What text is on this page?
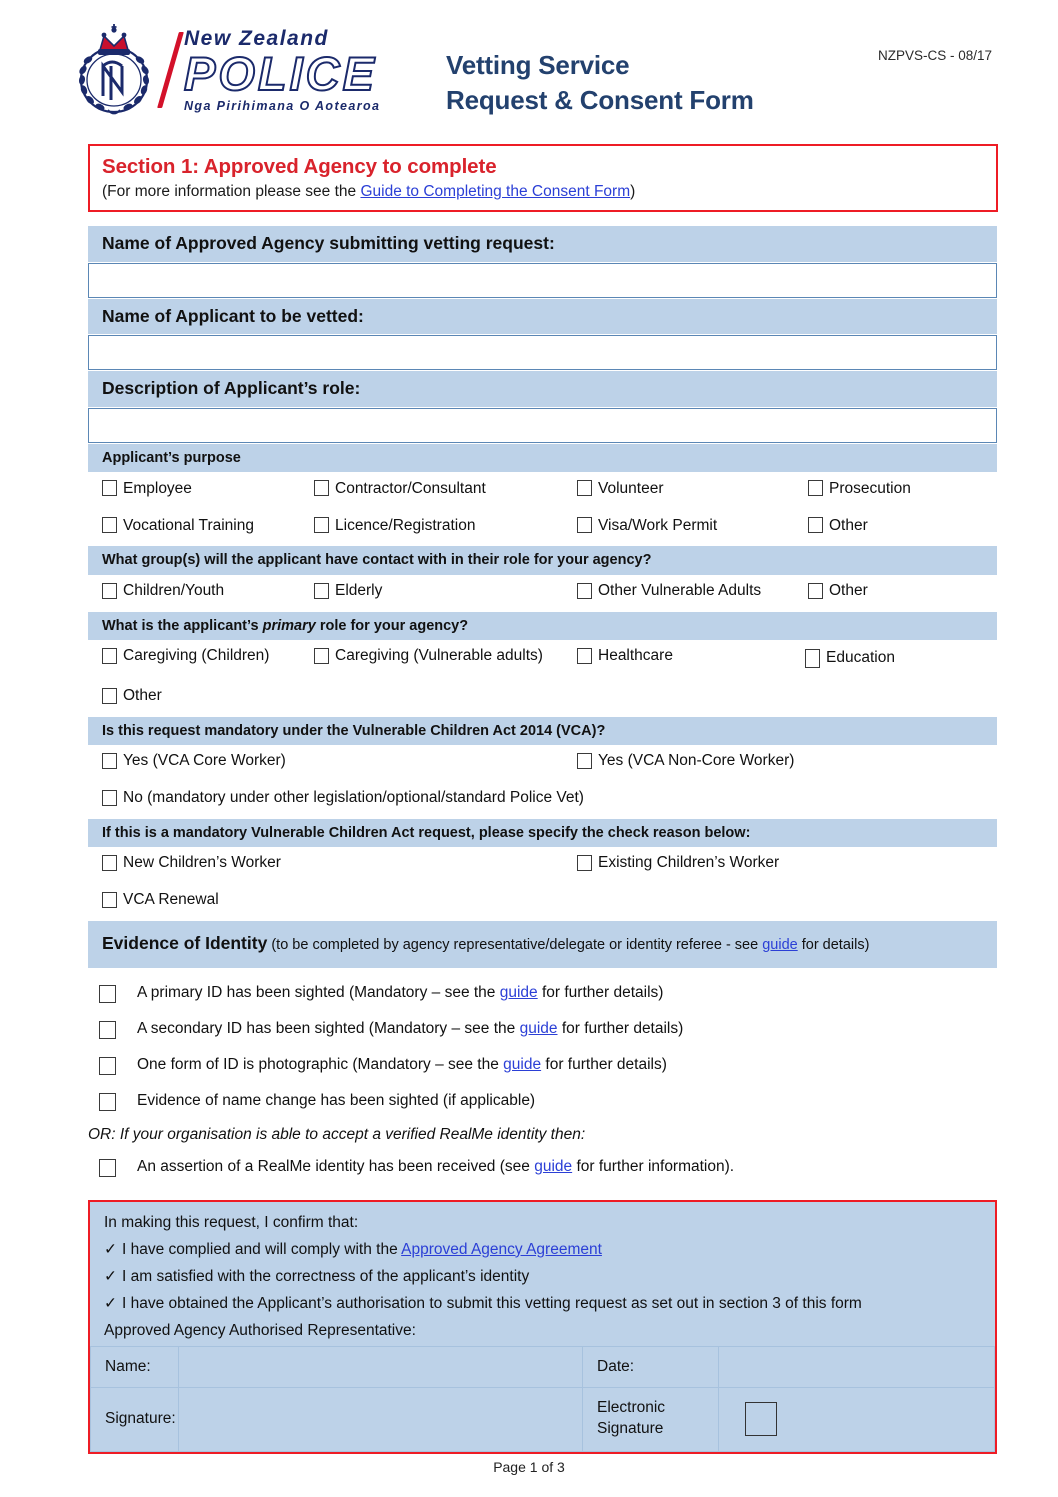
New Zealand
POLICE
Nga Pirihimana O Aotearoa
Vetting Service
Request & Consent Form
NZPVS-CS - 08/17
Section 1: Approved Agency to complete
(For more information please see the Guide to Completing the Consent Form)
Name of Approved Agency submitting vetting request:
Name of Applicant to be vetted:
Description of Applicant’s role:
Applicant’s purpose
Employee	Contractor/Consultant	Volunteer	Prosecution
Vocational Training	Licence/Registration	Visa/Work Permit	Other
What group(s) will the applicant have contact with in their role for your agency?
Children/Youth	Elderly	Other Vulnerable Adults	Other
What is the applicant’s primary role for your agency?
Caregiving (Children)	Caregiving (Vulnerable adults)	Healthcare	Education
Other
Is this request mandatory under the Vulnerable Children Act 2014 (VCA)?
Yes (VCA Core Worker)	Yes (VCA Non-Core Worker)
No (mandatory under other legislation/optional/standard Police Vet)
If this is a mandatory Vulnerable Children Act request, please specify the check reason below:
New Children’s Worker	Existing Children’s Worker
VCA Renewal
Evidence of Identity (to be completed by agency representative/delegate or identity referee - see guide for details)
A primary ID has been sighted (Mandatory – see the guide for further details)
A secondary ID has been sighted (Mandatory – see the guide for further details)
One form of ID is photographic (Mandatory – see the guide for further details)
Evidence of name change has been sighted (if applicable)
OR: If your organisation is able to accept a verified RealMe identity then:
An assertion of a RealMe identity has been received (see guide for further information).
In making this request, I confirm that:
✓ I have complied and will comply with the Approved Agency Agreement
✓ I am satisfied with the correctness of the applicant’s identity
✓ I have obtained the Applicant’s authorisation to submit this vetting request as set out in section 3 of this form
Approved Agency Authorised Representative:
Name:		Date:	
Signature:		Electronic
Signature	

Page 1 of 3
